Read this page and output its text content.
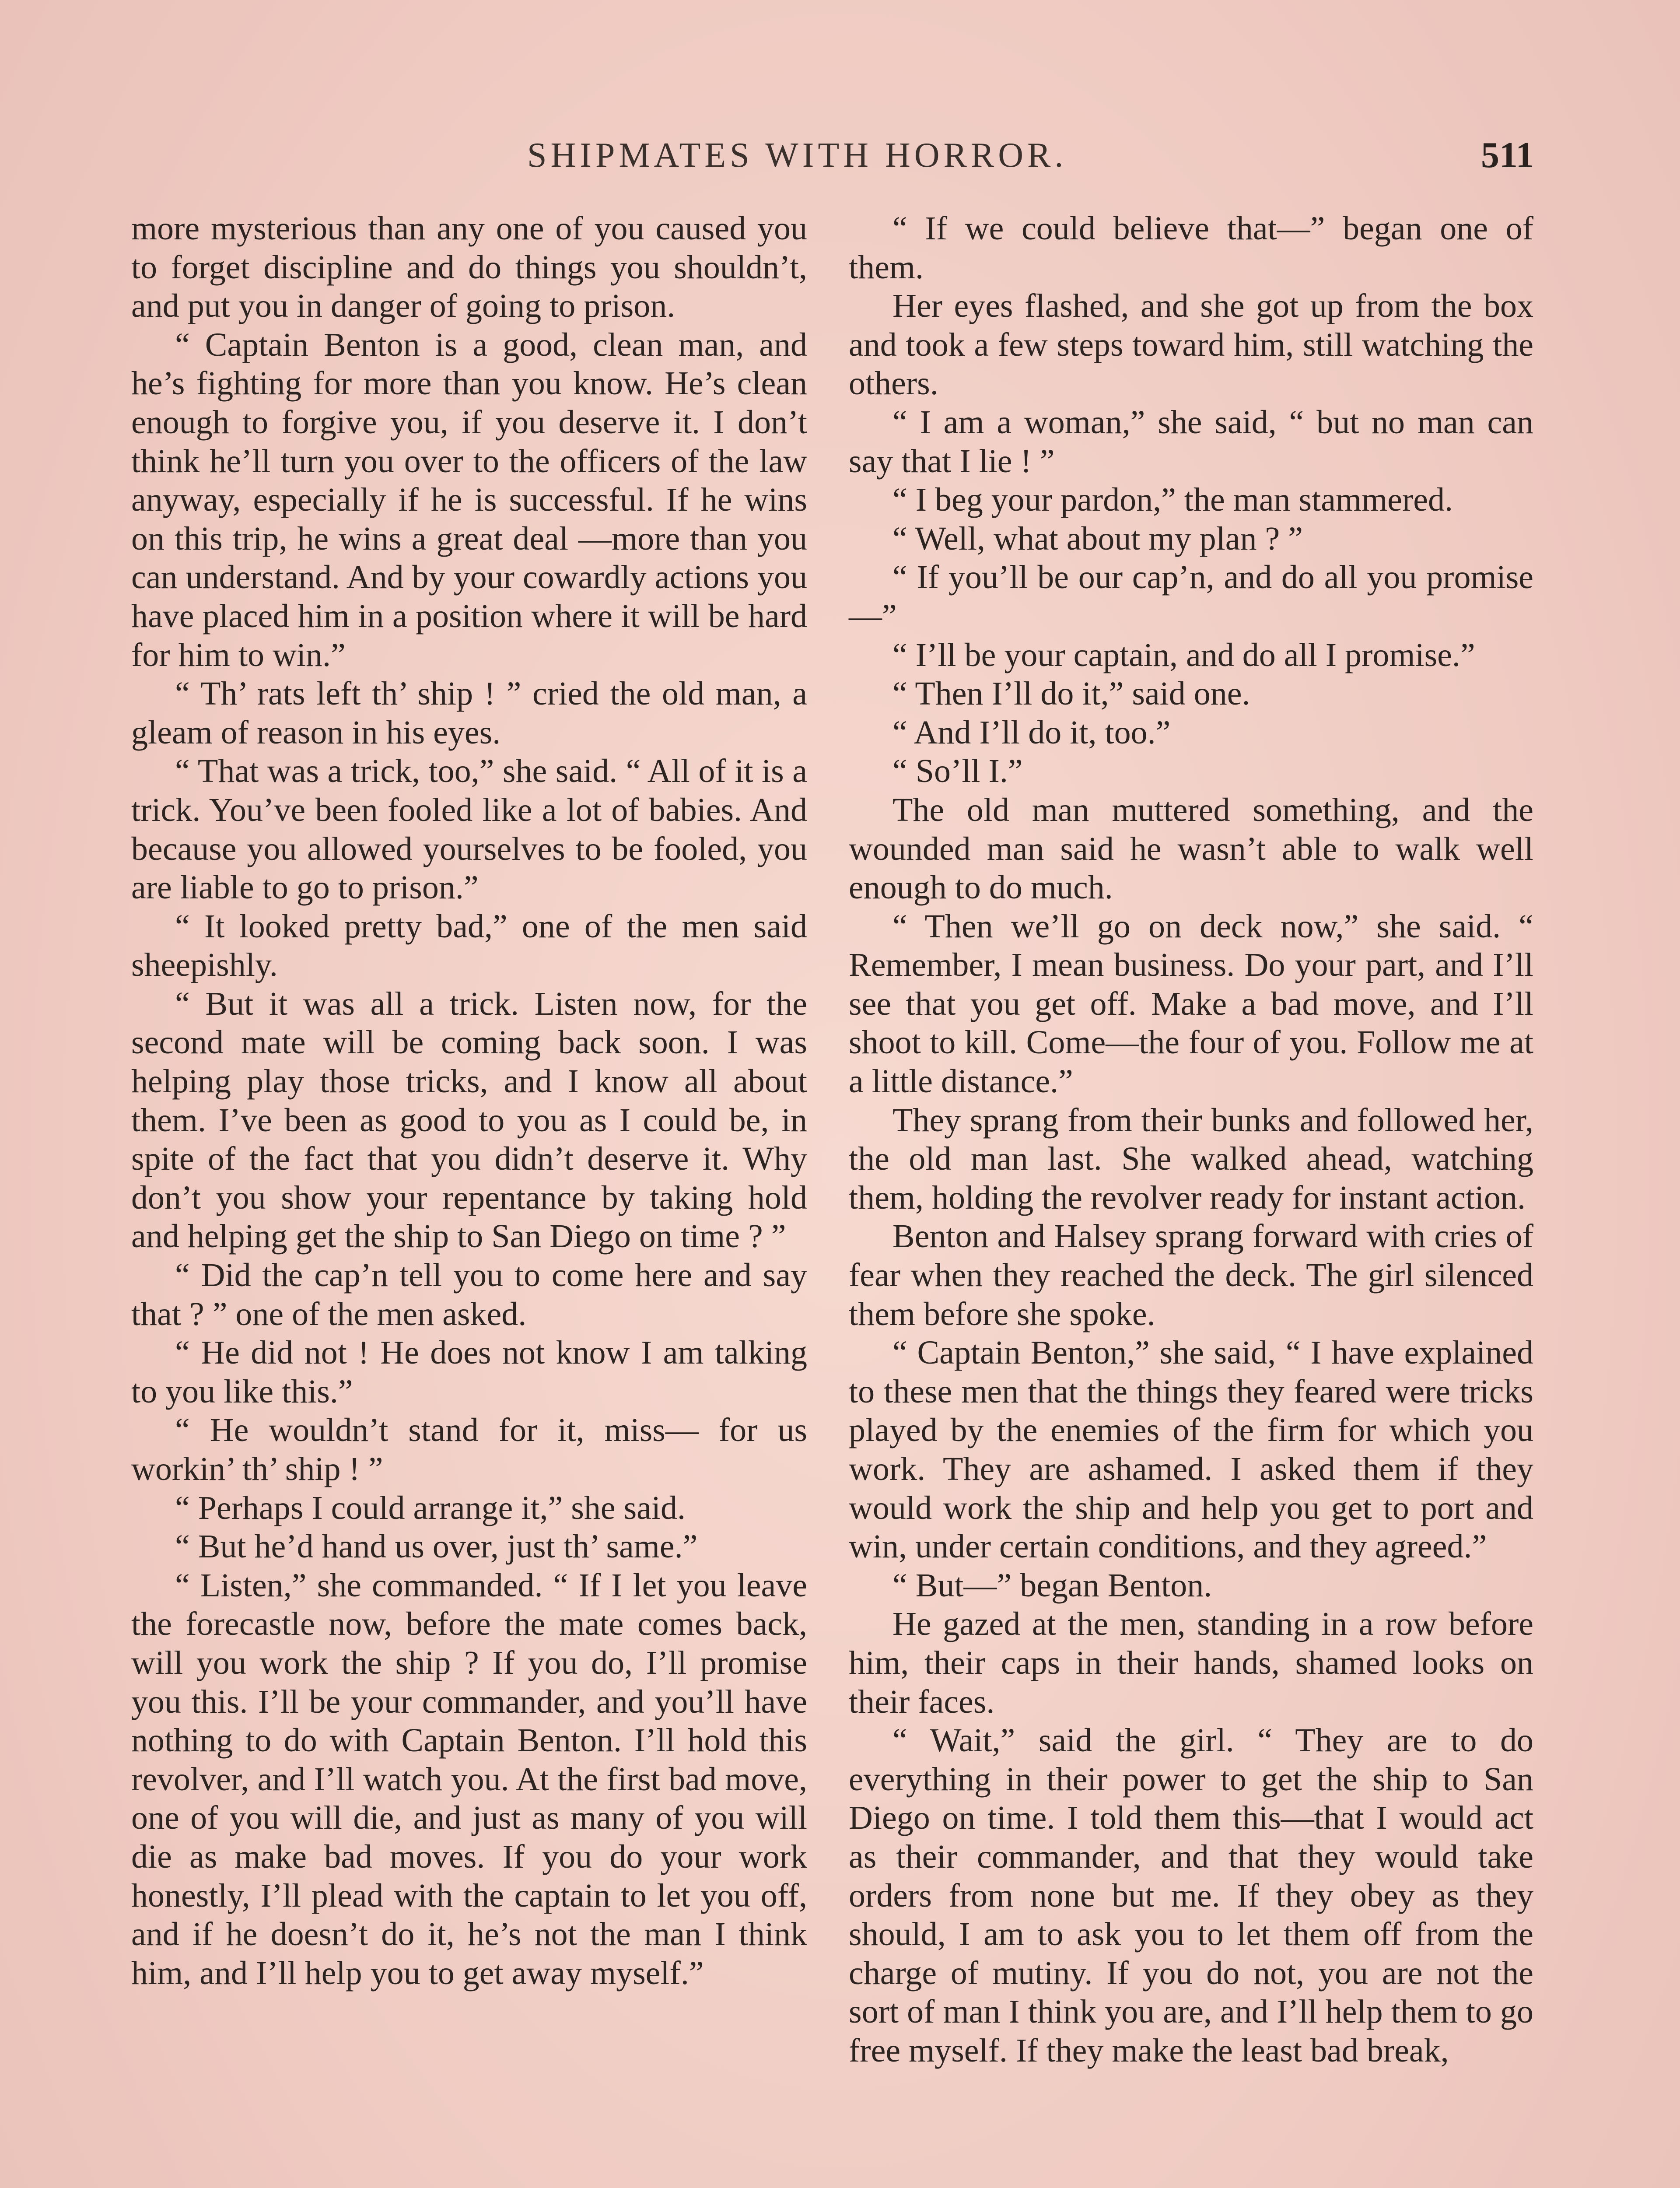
SHIPMATES WITH HORROR.	511

more mysterious than any one of you caused you to forget discipline and do things you shouldn’t, and put you in danger of going to prison.

“ Captain Benton is a good, clean man, and he’s fighting for more than you know. He’s clean enough to forgive you, if you deserve it. I don’t think he’ll turn you over to the officers of the law anyway, especially if he is successful. If he wins on this trip, he wins a great deal —more than you can understand. And by your cowardly actions you have placed him in a position where it will be hard for him to win.”

“ Th’ rats left th’ ship ! ” cried the old man, a gleam of reason in his eyes.

“ That was a trick, too,” she said. “ All of it is a trick. You’ve been fooled like a lot of babies. And because you allowed yourselves to be fooled, you are liable to go to prison.”

“ It looked pretty bad,” one of the men said sheepishly.

“ But it was all a trick. Listen now, for the second mate will be coming back soon. I was helping play those tricks, and I know all about them. I’ve been as good to you as I could be, in spite of the fact that you didn’t deserve it. Why don’t you show your repentance by taking hold and helping get the ship to San Diego on time ? ”

“ Did the cap’n tell you to come here and say that ? ” one of the men asked.

“ He did not ! He does not know I am talking to you like this.”

“ He wouldn’t stand for it, miss— for us workin’ th’ ship ! ”

“ Perhaps I could arrange it,” she said.

“ But he’d hand us over, just th’ same.”

“ Listen,” she commanded. “ If I let you leave the forecastle now, before the mate comes back, will you work the ship ? If you do, I’ll promise you this. I’ll be your commander, and you’ll have nothing to do with Captain Benton. I’ll hold this revolver, and I’ll watch you. At the first bad move, one of you will die, and just as many of you will die as make bad moves. If you do your work honestly, I’ll plead with the captain to let you off, and if he doesn’t do it, he’s not the man I think him, and I’ll help you to get away myself.”

“ If we could believe that—” began one of them.

Her eyes flashed, and she got up from the box and took a few steps toward him, still watching the others.

“ I am a woman,” she said, “ but no man can say that I lie ! ”

“ I beg your pardon,” the man stammered.

“ Well, what about my plan ? ”

“ If you’ll be our cap’n, and do all you promise—”

“ I’ll be your captain, and do all I promise.”

“ Then I’ll do it,” said one.

“ And I’ll do it, too.”

“ So’ll I.”

The old man muttered something, and the wounded man said he wasn’t able to walk well enough to do much.

“ Then we’ll go on deck now,” she said. “ Remember, I mean business. Do your part, and I’ll see that you get off. Make a bad move, and I’ll shoot to kill. Come—the four of you. Follow me at a little distance.”

They sprang from their bunks and followed her, the old man last. She walked ahead, watching them, holding the revolver ready for instant action.

Benton and Halsey sprang forward with cries of fear when they reached the deck. The girl silenced them before she spoke.

“ Captain Benton,” she said, “ I have explained to these men that the things they feared were tricks played by the enemies of the firm for which you work. They are ashamed. I asked them if they would work the ship and help you get to port and win, under certain conditions, and they agreed.”

“ But—” began Benton.

He gazed at the men, standing in a row before him, their caps in their hands, shamed looks on their faces.

“ Wait,” said the girl. “ They are to do everything in their power to get the ship to San Diego on time. I told them this—that I would act as their commander, and that they would take orders from none but me. If they obey as they should, I am to ask you to let them off from the charge of mutiny. If you do not, you are not the sort of man I think you are, and I’ll help them to go free myself. If they make the least bad break,
